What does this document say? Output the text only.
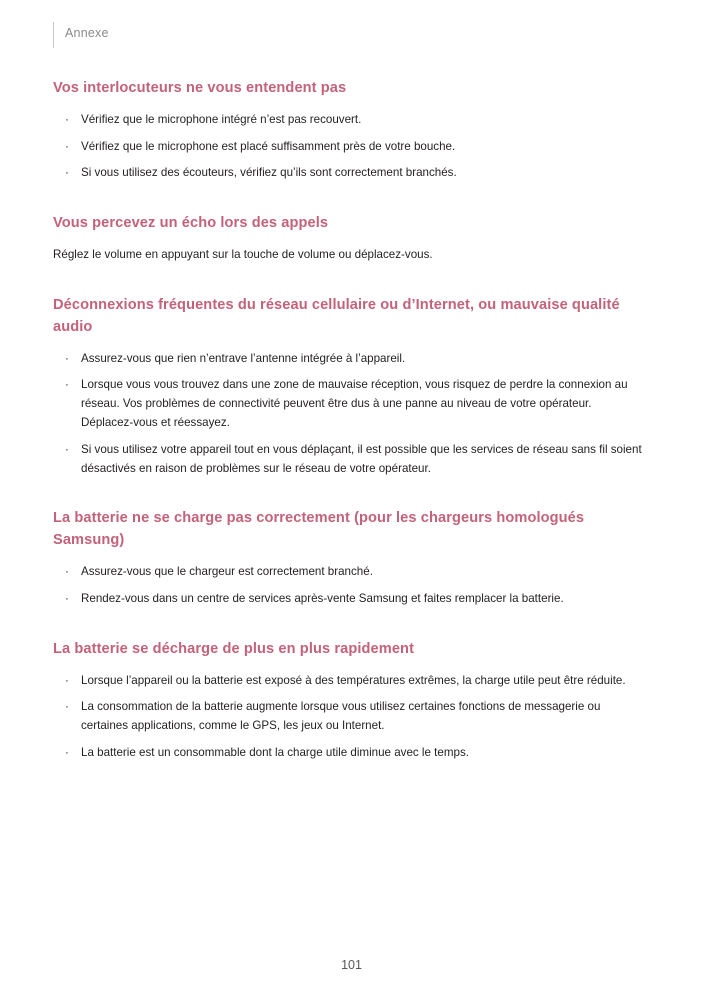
Annexe
Vos interlocuteurs ne vous entendent pas
· Vérifiez que le microphone intégré n’est pas recouvert.
· Vérifiez que le microphone est placé suffisamment près de votre bouche.
· Si vous utilisez des écouteurs, vérifiez qu’ils sont correctement branchés.
Vous percevez un écho lors des appels

Réglez le volume en appuyant sur la touche de volume ou déplacez-vous.

Déconnexions fréquentes du réseau cellulaire ou d’Internet, ou mauvaise qualité audio
· Assurez-vous que rien n’entrave l’antenne intégrée à l’appareil.
· Lorsque vous vous trouvez dans une zone de mauvaise réception, vous risquez de perdre la connexion au réseau. Vos problèmes de connectivité peuvent être dus à une panne au niveau de votre opérateur. Déplacez-vous et réessayez.
· Si vous utilisez votre appareil tout en vous déplaçant, il est possible que les services de réseau sans fil soient désactivés en raison de problèmes sur le réseau de votre opérateur.
La batterie ne se charge pas correctement (pour les chargeurs homologués Samsung)
· Assurez-vous que le chargeur est correctement branché.
· Rendez-vous dans un centre de services après-vente Samsung et faites remplacer la batterie.
La batterie se décharge de plus en plus rapidement
· Lorsque l’appareil ou la batterie est exposé à des températures extrêmes, la charge utile peut être réduite.
· La consommation de la batterie augmente lorsque vous utilisez certaines fonctions de messagerie ou certaines applications, comme le GPS, les jeux ou Internet.
· La batterie est un consommable dont la charge utile diminue avec le temps.
101
